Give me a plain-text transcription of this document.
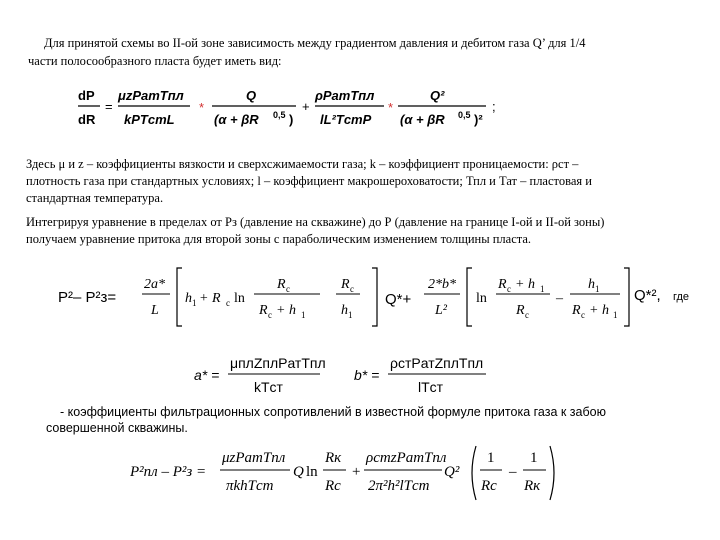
Для принятой схемы во II-ой зоне зависимость между градиентом давления и дебитом газа Q’ для 1/4
части полосообразного пласта будет иметь вид:
dP
dR
=
μzPатTпл
kPTстL
*
Q
(α + βR 0,5 )
+
ρPатTпл
lL²TстP
*
Q²
(α + βR 0,5 )²
;
Здесь μ и z – коэффициенты вязкости и сверхсжимаемости газа; k – коэффициент проницаемости: ρст –
плотность газа при стандартных условиях; l – коэффициент макрошероховатости; Тпл и Тат – пластовая и
стандартная температура.
Интегрируя уравнение в пределах от Рз (давление на скважине) до Р (давление на границе I-ой и II-ой зоны)
получаем уравнение притока для второй зоны с параболическим изменением толщины пласта.
P²– P²з=
2a*
L
h 1 + R c ln
R c
R c + h 1
R c
h 1
Q*+
2*b*
L²
ln
R c + h 1
R c
–
h 1
R c + h 1
Q*², где
a* =
μплZплPатTпл
kTст
b* =
ρстPатZплTпл
lTст
- коэффициенты фильтрационных сопротивлений в известной формуле притока газа к забою
совершенной скважины.
P²пл – P²з =
μzPатTпл
πkhTст
Q ln
Rк
Rc
+
ρстzPатTпл
2π²h²lTст
Q²
1
Rc
–
1
Rк
